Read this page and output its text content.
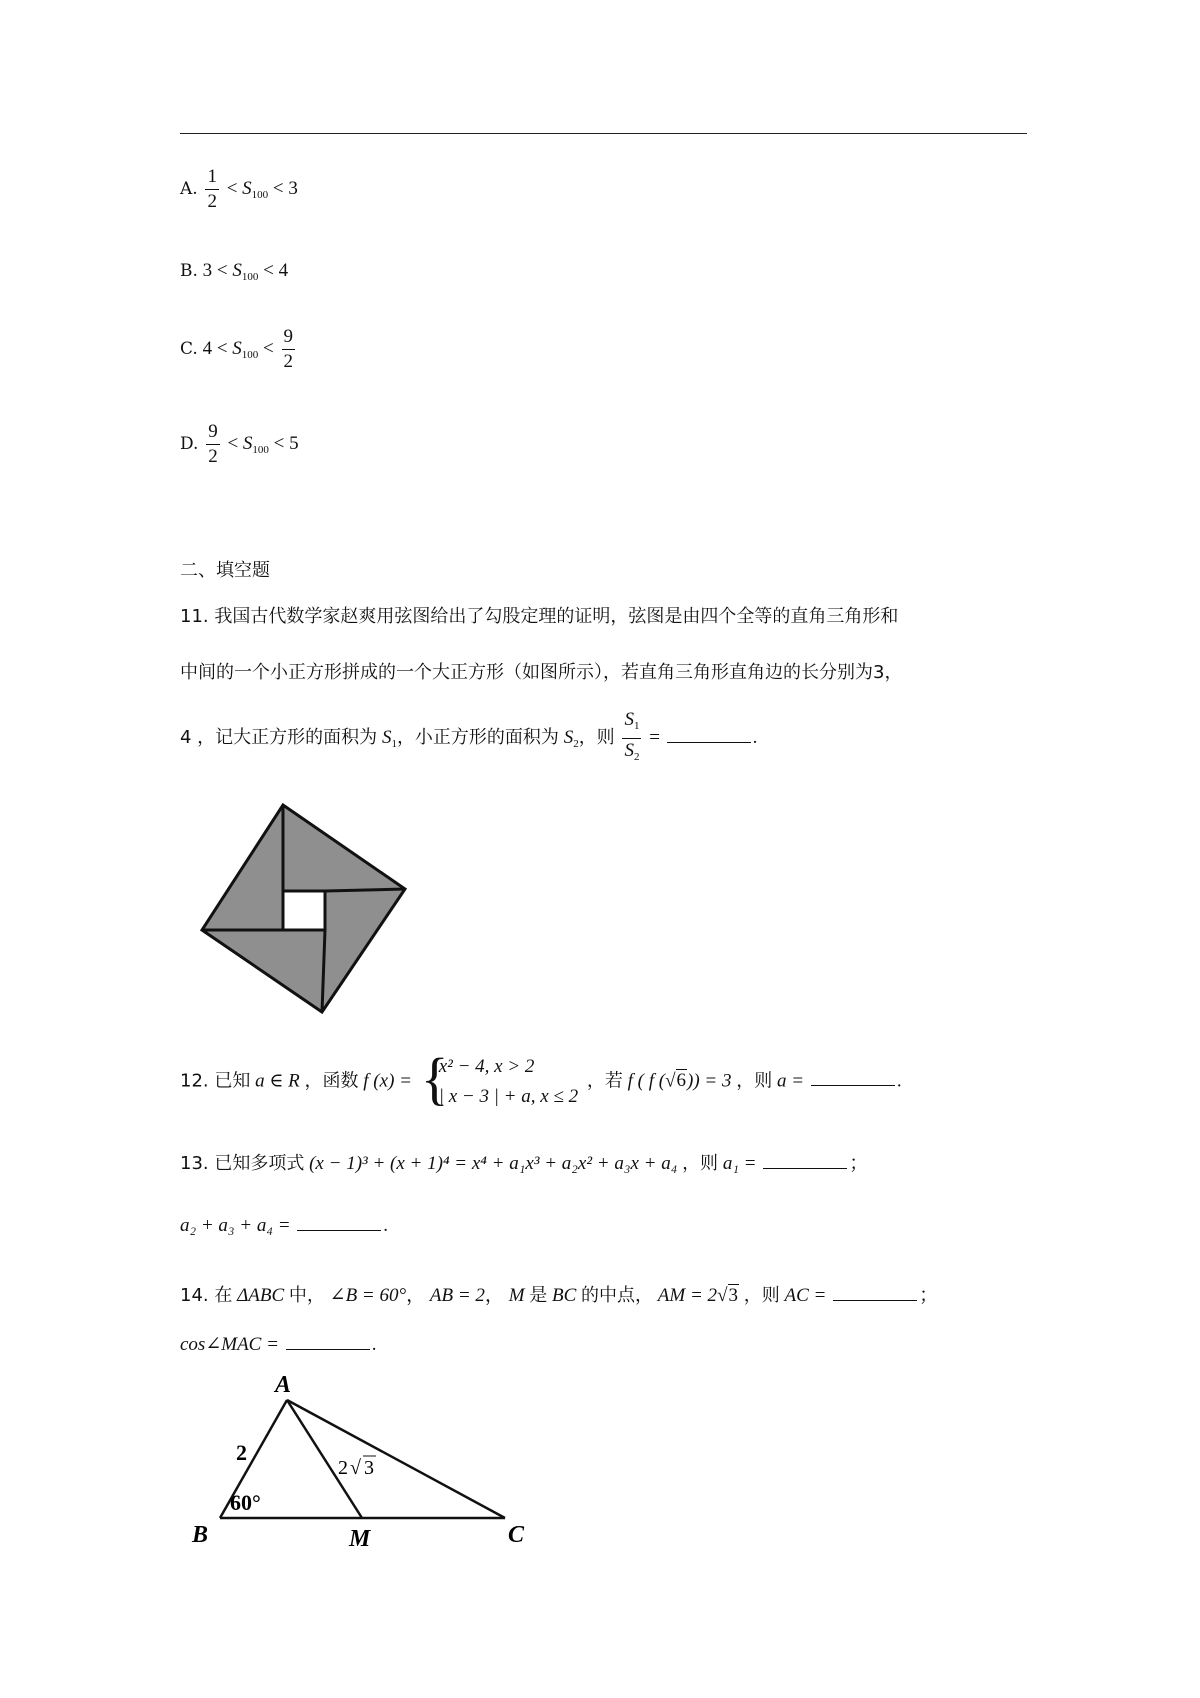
A. $\frac{1}{2} < S_{100} < 3$
B. $3 < S_{100} < 4$
C. $4 < S_{100} < \frac{9}{2}$
D. $\frac{9}{2} < S_{100} < 5$
二、填空题
11. 我国古代数学家赵爽用弦图给出了勾股定理的证明，弦图是由四个全等的直角三角形和
中间的一个小正方形拼成的一个大正方形（如图所示），若直角三角形直角边的长分别为3，
4 ，记大正方形的面积为 $S_1$，小正方形的面积为 $S_2$，则 $\frac{S_1}{S_2}$ =	.
12. 已知 a ∈ R ，函数 f (x) = {
x² − 4, x > 2
| x − 3 | + a, x ≤ 2
，若 f ( f (√6)) = 3 ，则 a =	.
13. 已知多项式 (x − 1)³ + (x + 1)⁴ = x⁴ + a₁x³ + a₂x² + a₃x + a₄ ，则 a₁ =	；
a₂ + a₃ + a₄ =	.
14. 在 ΔABC 中， ∠B = 60°， AB = 2， M 是 BC 的中点， AM = 2√3 ，则 AC =	；
cos∠MAC =	.
A
B	C
M
2
60°
2 √ 3
